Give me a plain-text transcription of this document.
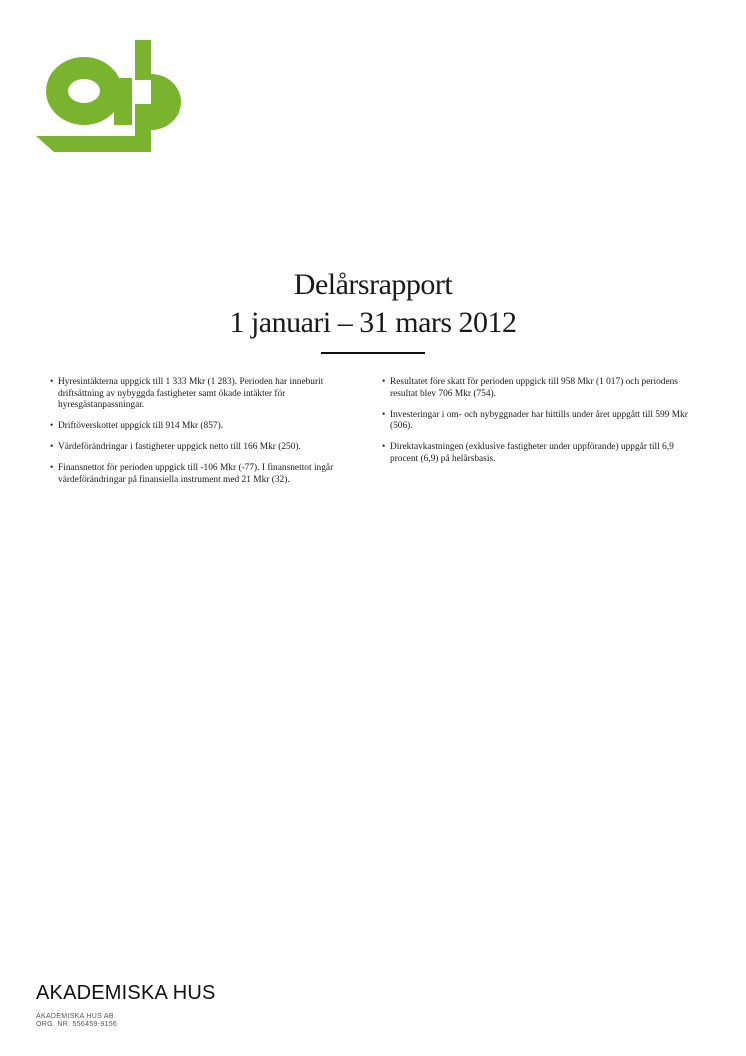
Delårsrapport
1 januari – 31 mars 2012

• Hyresintäkterna uppgick till 1 333 Mkr (1 283). Perioden har inneburit driftsättning av nybyggda fastigheter samt ökade intäkter för hyresgästanpassningar.

• Driftöverskottet uppgick till 914 Mkr (857).

• Värdeförändringar i fastigheter uppgick netto till 166 Mkr (250).

• Finansnettot för perioden uppgick till -106 Mkr (-77). I finansnettot ingår värdeförändringar på finansiella instrument med 21 Mkr (32).

• Resultatet före skatt för perioden uppgick till 958 Mkr (1 017) och periodens resultat blev 706 Mkr (754).

• Investeringar i om- och nybyggnader har hittills under året uppgått till 599 Mkr (506).

• Direktavkastningen (exklusive fastigheter under uppförande) uppgår till 6,9 procent (6,9) på helårsbasis.

AKADEMISKA HUS
AKADEMISKA HUS AB
ORG. NR: 556459-9156
